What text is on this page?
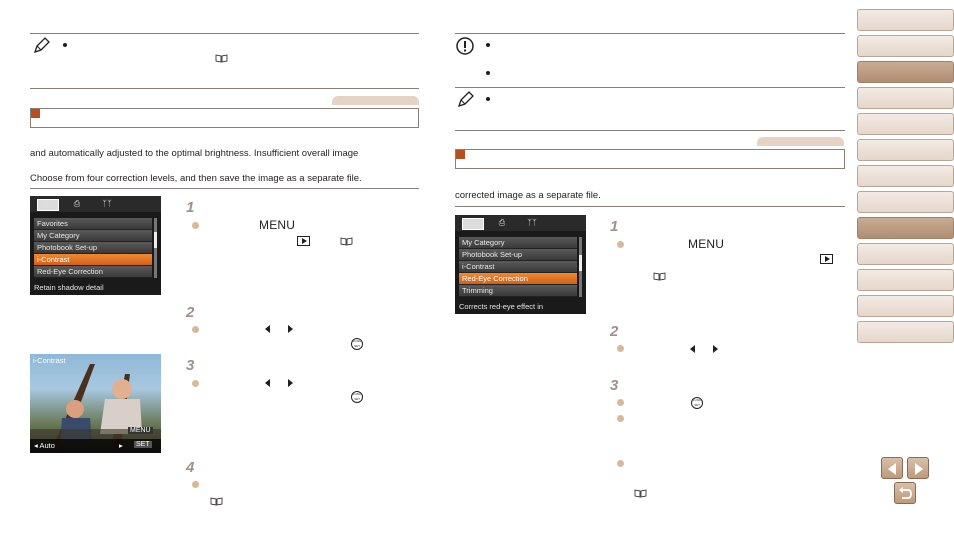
and automatically adjusted to the optimal brightness. Insufficient overall image
Choose from four correction levels, and then save the image as a separate file.
▶	⎙	ᛉᛉ
Favorites
My Category
Photobook Set-up
i-Contrast
Red-Eye Correction
Retain shadow detail
1
MENU
2
FUNC SET
i-Contrast
MENU
◂ Auto	▸ SET
3
FUNC SET
4
corrected image as a separate file.
▶	⎙	ᛉᛉ
My Category
Photobook Set-up
i-Contrast
Red-Eye Correction
Trimming
Corrects red-eye effect in
1
MENU
2
3
FUNC SET
